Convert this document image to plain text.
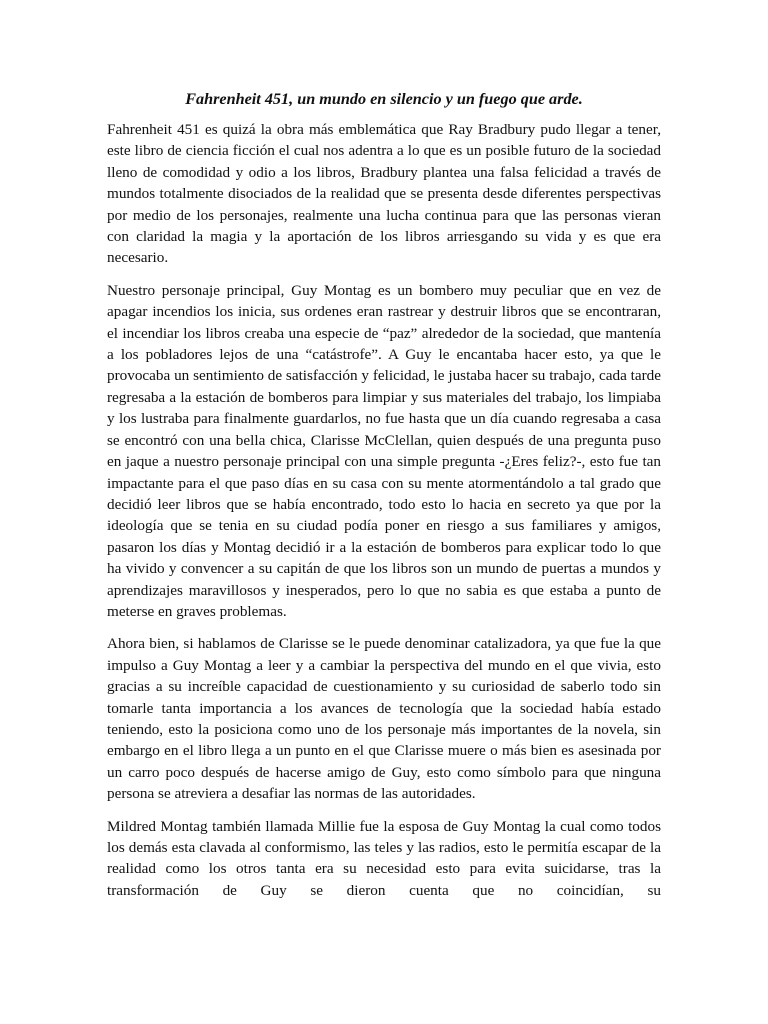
Fahrenheit 451, un mundo en silencio y un fuego que arde.

Fahrenheit 451 es quizá la obra más emblemática que Ray Bradbury pudo llegar a tener, este libro de ciencia ficción el cual nos adentra a lo que es un posible futuro de la sociedad lleno de comodidad y odio a los libros, Bradbury plantea una falsa felicidad a través de mundos totalmente disociados de la realidad que se presenta desde diferentes perspectivas por medio de los personajes, realmente una lucha continua para que las personas vieran con claridad la magia y la aportación de los libros arriesgando su vida y es que era necesario.

Nuestro personaje principal, Guy Montag es un bombero muy peculiar que en vez de apagar incendios los inicia, sus ordenes eran rastrear y destruir libros que se encontraran, el incendiar los libros creaba una especie de “paz” alrededor de la sociedad, que mantenía a los pobladores lejos de una “catástrofe”. A Guy le encantaba hacer esto, ya que le provocaba un sentimiento de satisfacción y felicidad, le justaba hacer su trabajo, cada tarde regresaba a la estación de bomberos para limpiar y sus materiales del trabajo, los limpiaba y los lustraba para finalmente guardarlos, no fue hasta que un día cuando regresaba a casa se encontró con una bella chica, Clarisse McClellan, quien después de una pregunta puso en jaque a nuestro personaje principal con una simple pregunta -¿Eres feliz?-, esto fue tan impactante para el que paso días en su casa con su mente atormentándolo a tal grado que decidió leer libros que se había encontrado, todo esto lo hacia en secreto ya que por la ideología que se tenia en su ciudad podía poner en riesgo a sus familiares y amigos, pasaron los días y Montag decidió ir a la estación de bomberos para explicar todo lo que ha vivido y convencer a su capitán de que los libros son un mundo de puertas a mundos y aprendizajes maravillosos y inesperados, pero lo que no sabia es que estaba a punto de meterse en graves problemas.

Ahora bien, si hablamos de Clarisse se le puede denominar catalizadora, ya que fue la que impulso a Guy Montag a leer y a cambiar la perspectiva del mundo en el que vivia, esto gracias a su increíble capacidad de cuestionamiento y su curiosidad de saberlo todo sin tomarle tanta importancia a los avances de tecnología que la sociedad había estado teniendo, esto la posiciona como uno de los personaje más importantes de la novela, sin embargo en el libro llega a un punto en el que Clarisse muere o más bien es asesinada por un carro poco después de hacerse amigo de Guy, esto como símbolo para que ninguna persona se atreviera a desafiar las normas de las autoridades.

Mildred Montag también llamada Millie fue la esposa de Guy Montag la cual como todos los demás esta clavada al conformismo, las teles y las radios, esto le permitía escapar de la realidad como los otros tanta era su necesidad esto para evita suicidarse, tras la transformación de Guy se dieron cuenta que no coincidían, su
